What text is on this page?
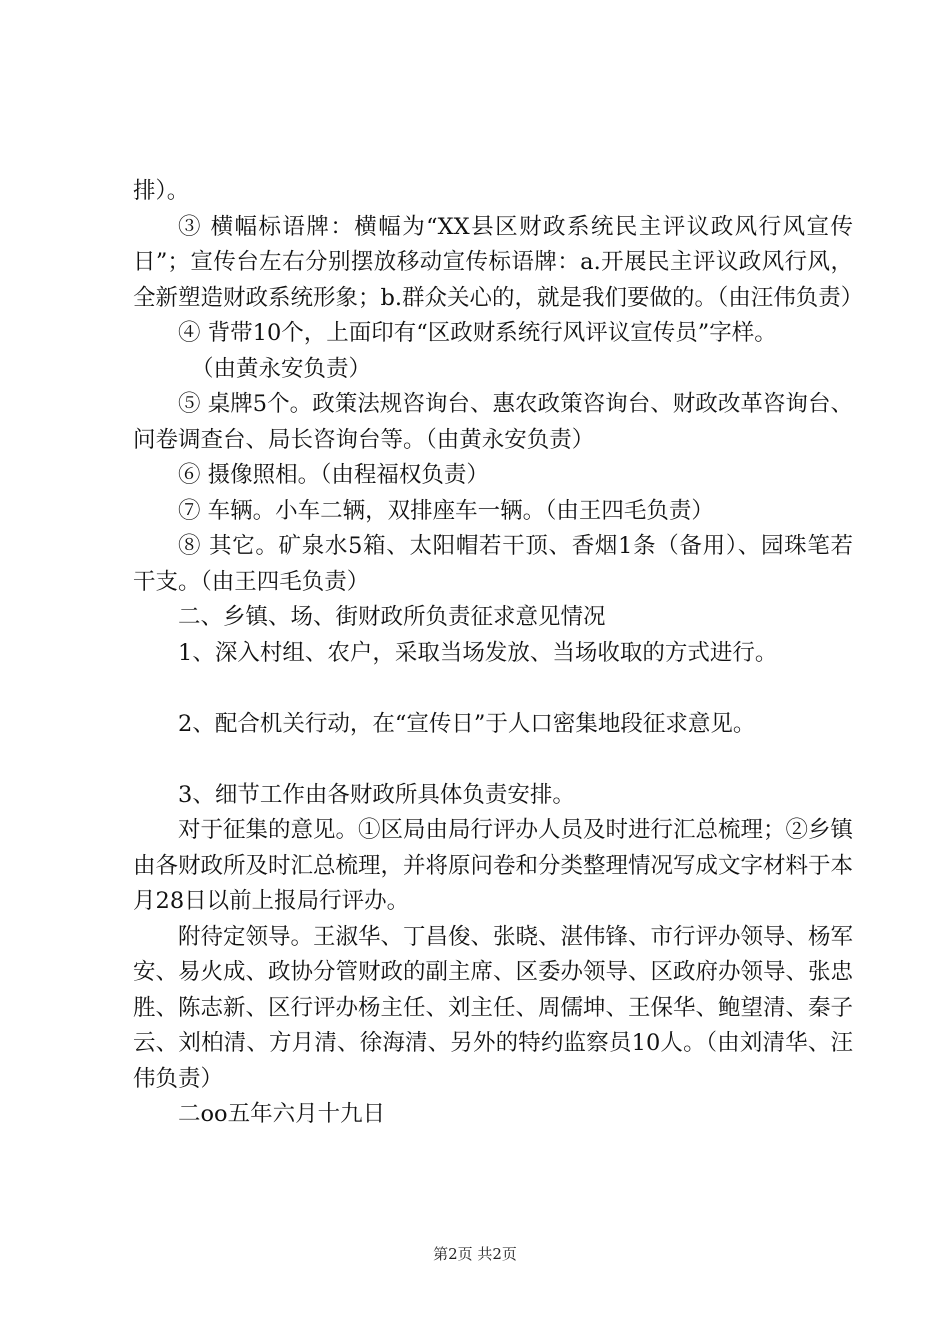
排）。

③ 横幅标语牌：横幅为“XX县区财政系统民主评议政风行风宣传日”；宣传台左右分别摆放移动宣传标语牌：a.开展民主评议政风行风，全新塑造财政系统形象；b.群众关心的，就是我们要做的。（由汪伟负责）

④ 背带10个，上面印有“区政财系统行风评议宣传员”字样。

（由黄永安负责）

⑤ 桌牌5个。政策法规咨询台、惠农政策咨询台、财政改革咨询台、问卷调查台、局长咨询台等。（由黄永安负责）

⑥ 摄像照相。（由程福权负责）

⑦ 车辆。小车二辆，双排座车一辆。（由王四毛负责）

⑧ 其它。矿泉水5箱、太阳帽若干顶、香烟1条（备用）、园珠笔若干支。（由王四毛负责）

二、乡镇、场、街财政所负责征求意见情况

1、深入村组、农户，采取当场发放、当场收取的方式进行。

2、配合机关行动，在“宣传日”于人口密集地段征求意见。

3、细节工作由各财政所具体负责安排。

对于征集的意见。①区局由局行评办人员及时进行汇总梳理；②乡镇由各财政所及时汇总梳理，并将原问卷和分类整理情况写成文字材料于本月28日以前上报局行评办。

附待定领导。王淑华、丁昌俊、张晓、湛伟锋、市行评办领导、杨军安、易火成、政协分管财政的副主席、区委办领导、区政府办领导、张忠胜、陈志新、区行评办杨主任、刘主任、周儒坤、王保华、鲍望清、秦子云、刘柏清、方月清、徐海清、另外的特约监察员10人。（由刘清华、汪伟负责）

二oo五年六月十九日

第2页 共2页
